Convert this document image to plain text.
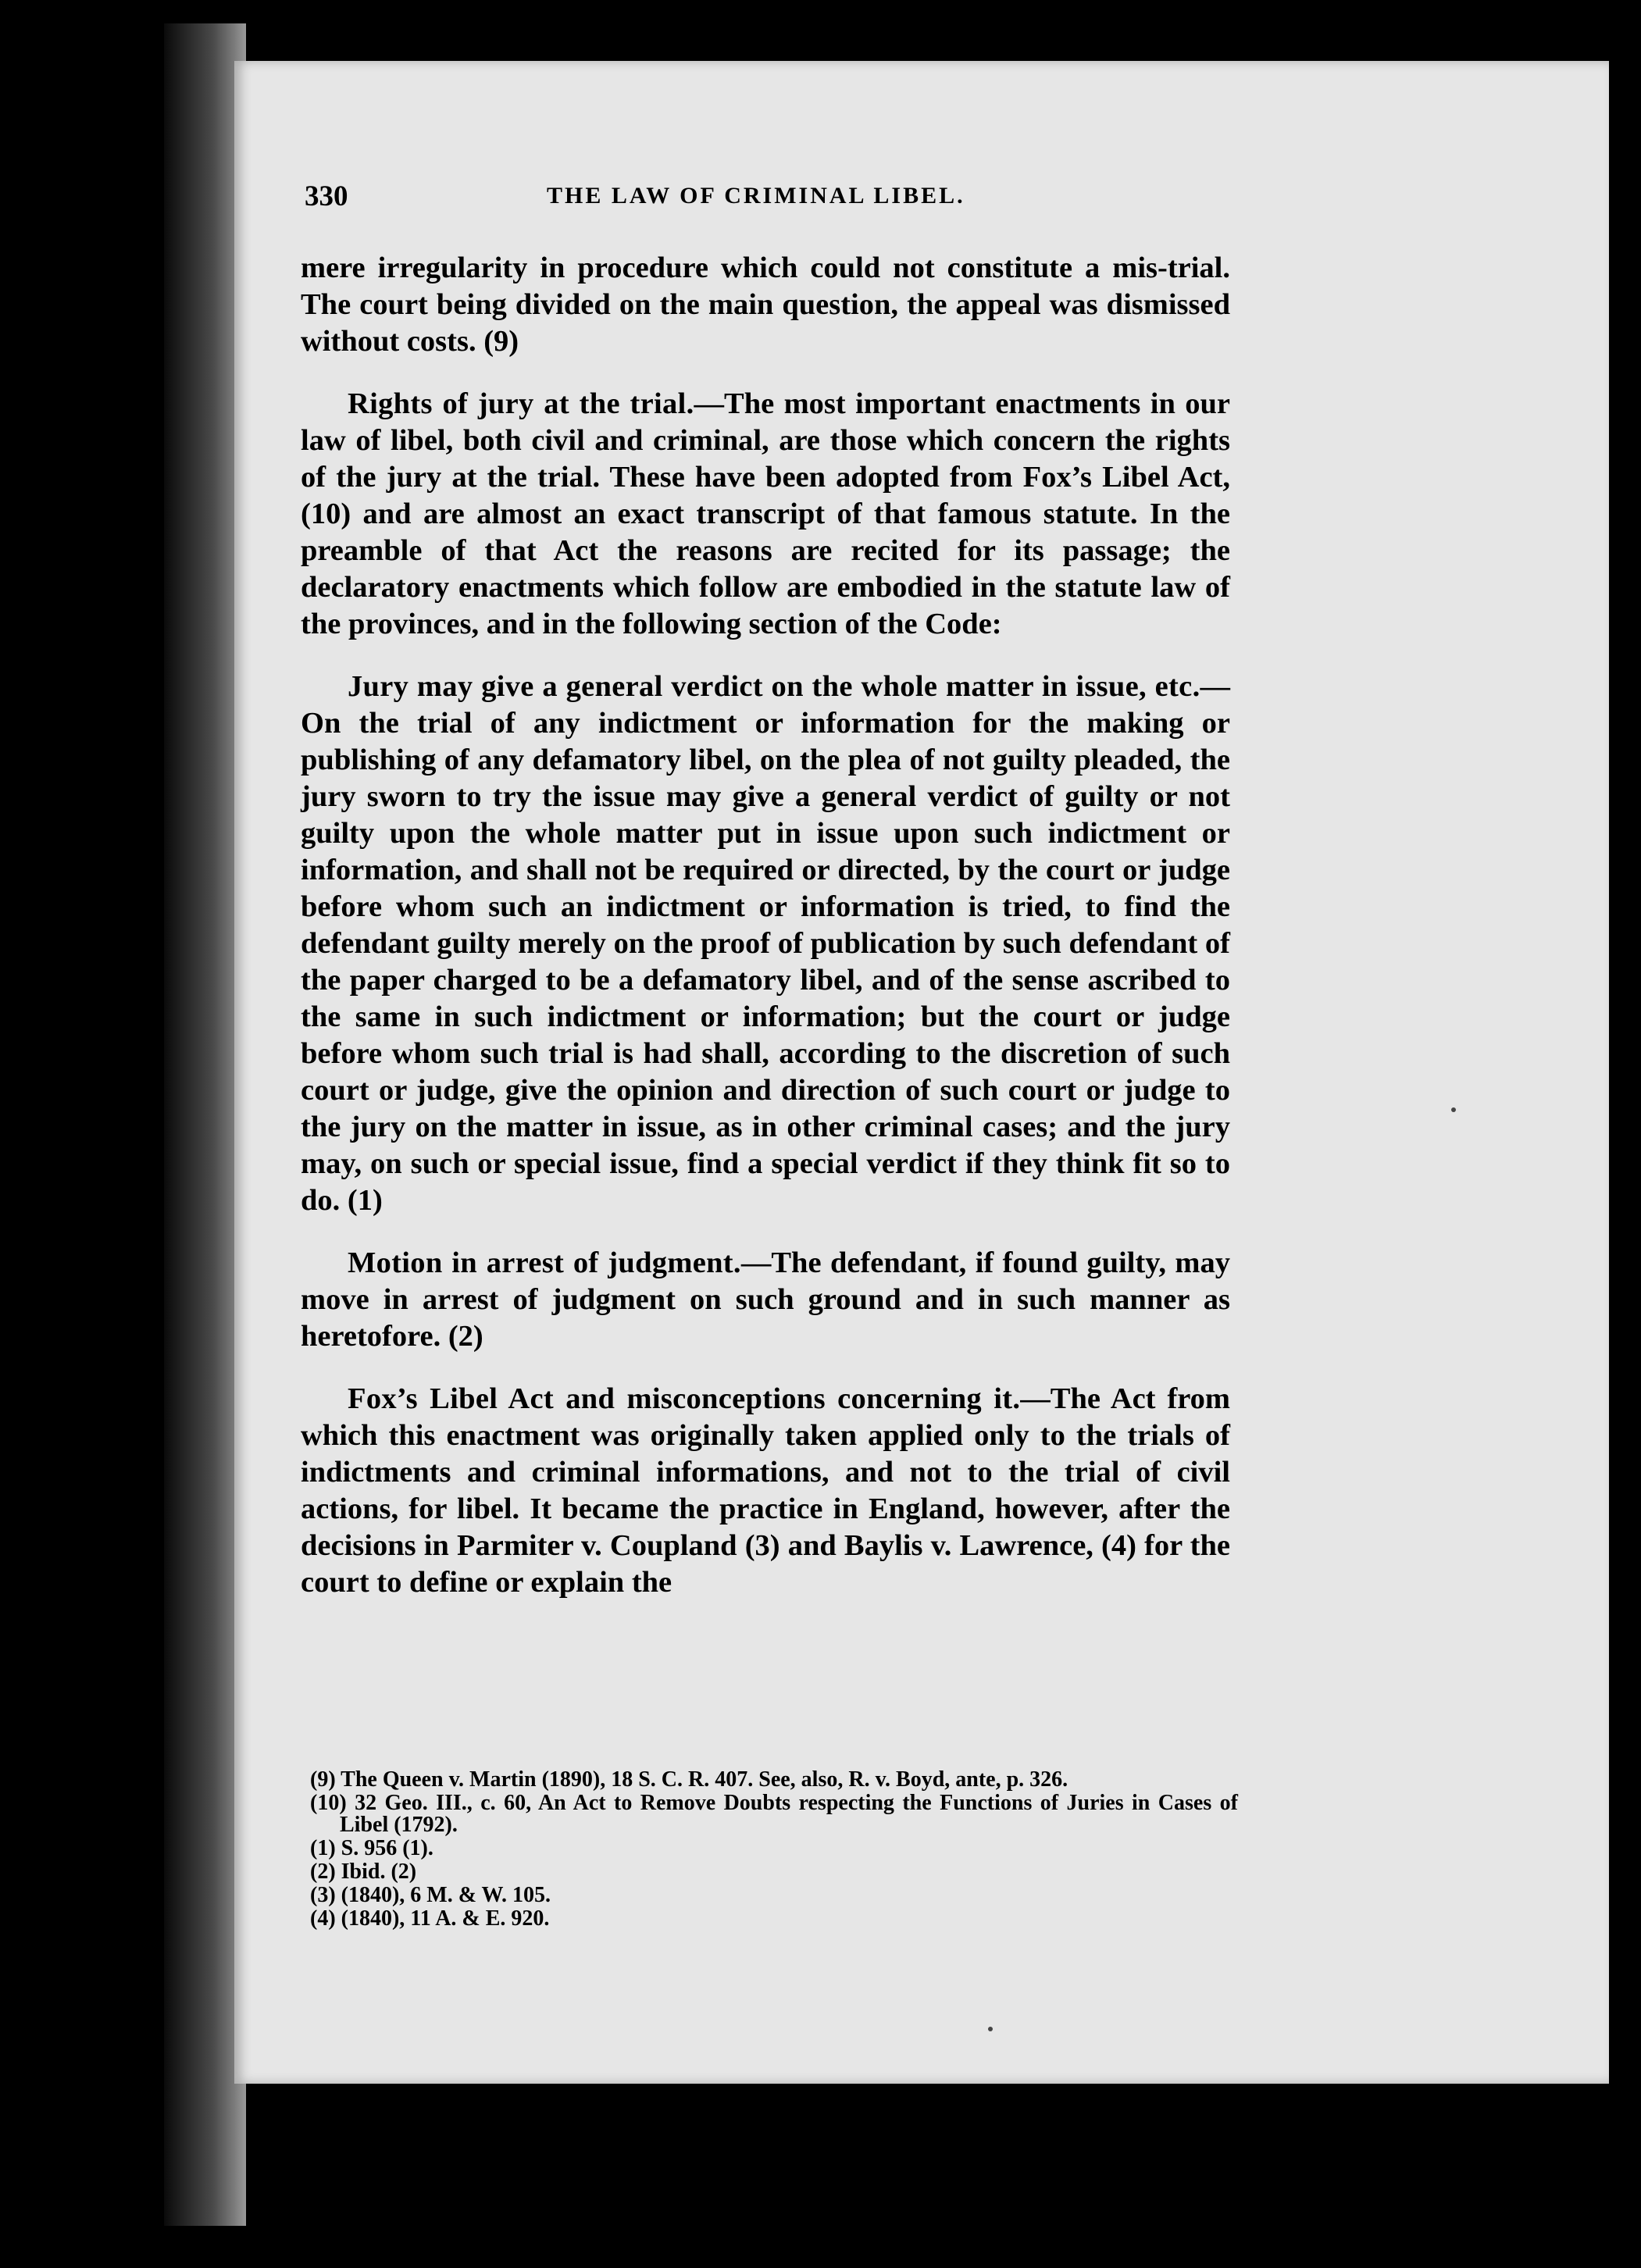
330	THE LAW OF CRIMINAL LIBEL.

mere irregularity in procedure which could not constitute a mis-trial. The court being divided on the main question, the appeal was dismissed without costs. (9)

Rights of jury at the trial.—The most important enactments in our law of libel, both civil and criminal, are those which concern the rights of the jury at the trial. These have been adopted from Fox’s Libel Act, (10) and are almost an exact transcript of that famous statute. In the preamble of that Act the reasons are recited for its passage; the declaratory enactments which follow are embodied in the statute law of the provinces, and in the following section of the Code:

Jury may give a general verdict on the whole matter in issue, etc.—On the trial of any indictment or information for the making or publishing of any defamatory libel, on the plea of not guilty pleaded, the jury sworn to try the issue may give a general verdict of guilty or not guilty upon the whole matter put in issue upon such indictment or information, and shall not be required or directed, by the court or judge before whom such an indictment or information is tried, to find the defendant guilty merely on the proof of publication by such defendant of the paper charged to be a defamatory libel, and of the sense ascribed to the same in such indictment or information; but the court or judge before whom such trial is had shall, according to the discretion of such court or judge, give the opinion and direction of such court or judge to the jury on the matter in issue, as in other criminal cases; and the jury may, on such or special issue, find a special verdict if they think fit so to do. (1)

Motion in arrest of judgment.—The defendant, if found guilty, may move in arrest of judgment on such ground and in such manner as heretofore. (2)

Fox’s Libel Act and misconceptions concerning it.—The Act from which this enactment was originally taken applied only to the trials of indictments and criminal informations, and not to the trial of civil actions, for libel. It became the practice in England, however, after the decisions in Parmiter v. Coupland (3) and Baylis v. Lawrence, (4) for the court to define or explain the

(9) The Queen v. Martin (1890), 18 S. C. R. 407. See, also, R. v. Boyd, ante, p. 326.
(10) 32 Geo. III., c. 60, An Act to Remove Doubts respecting the Functions of Juries in Cases of Libel (1792).
(1) S. 956 (1).
(2) Ibid. (2)
(3) (1840), 6 M. & W. 105.
(4) (1840), 11 A. & E. 920.
